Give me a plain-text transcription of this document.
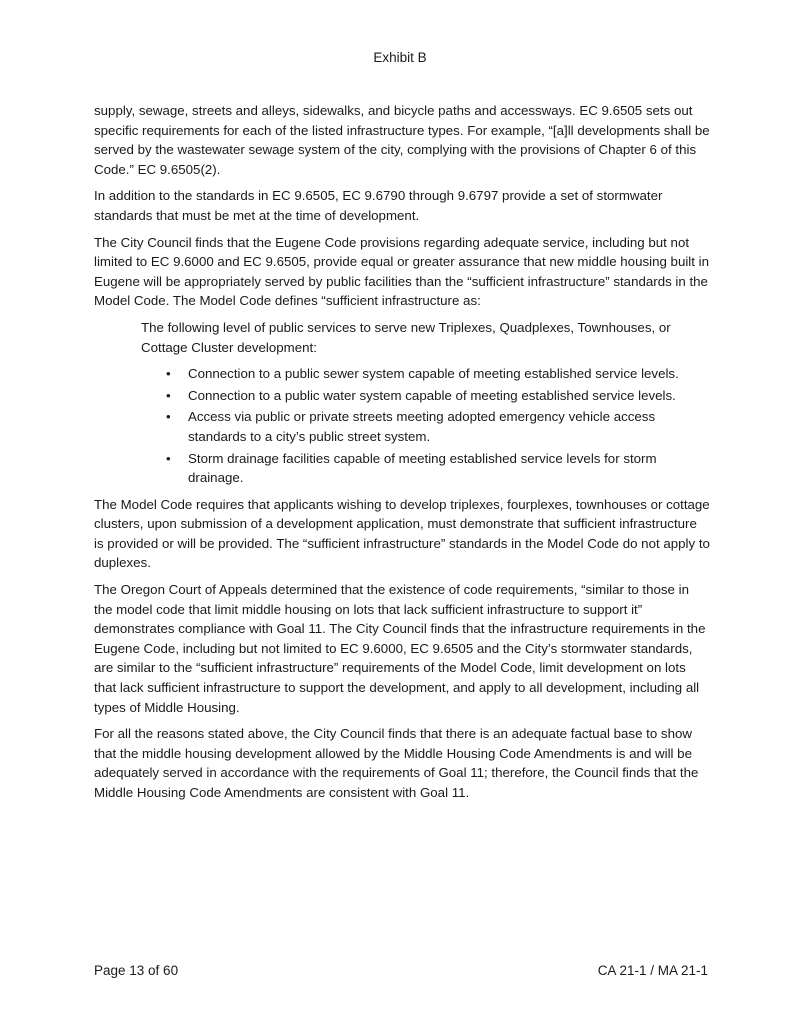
Exhibit B

supply, sewage, streets and alleys, sidewalks, and bicycle paths and accessways. EC 9.6505 sets out specific requirements for each of the listed infrastructure types. For example, “[a]ll developments shall be served by the wastewater sewage system of the city, complying with the provisions of Chapter 6 of this Code.” EC 9.6505(2).

In addition to the standards in EC 9.6505, EC 9.6790 through 9.6797 provide a set of stormwater standards that must be met at the time of development.

The City Council finds that the Eugene Code provisions regarding adequate service, including but not limited to EC 9.6000 and EC 9.6505, provide equal or greater assurance that new middle housing built in Eugene will be appropriately served by public facilities than the “sufficient infrastructure” standards in the Model Code. The Model Code defines “sufficient infrastructure as:

The following level of public services to serve new Triplexes, Quadplexes, Townhouses, or Cottage Cluster development:

• Connection to a public sewer system capable of meeting established service levels.
• Connection to a public water system capable of meeting established service levels.
• Access via public or private streets meeting adopted emergency vehicle access standards to a city’s public street system.
• Storm drainage facilities capable of meeting established service levels for storm drainage.

The Model Code requires that applicants wishing to develop triplexes, fourplexes, townhouses or cottage clusters, upon submission of a development application, must demonstrate that sufficient infrastructure is provided or will be provided. The “sufficient infrastructure” standards in the Model Code do not apply to duplexes.

The Oregon Court of Appeals determined that the existence of code requirements, “similar to those in the model code that limit middle housing on lots that lack sufficient infrastructure to support it” demonstrates compliance with Goal 11. The City Council finds that the infrastructure requirements in the Eugene Code, including but not limited to EC 9.6000, EC 9.6505 and the City’s stormwater standards, are similar to the “sufficient infrastructure” requirements of the Model Code, limit development on lots that lack sufficient infrastructure to support the development, and apply to all development, including all types of Middle Housing.

For all the reasons stated above, the City Council finds that there is an adequate factual base to show that the middle housing development allowed by the Middle Housing Code Amendments is and will be adequately served in accordance with the requirements of Goal 11; therefore, the Council finds that the Middle Housing Code Amendments are consistent with Goal 11.

Page 13 of 60	CA 21-1 / MA 21-1
